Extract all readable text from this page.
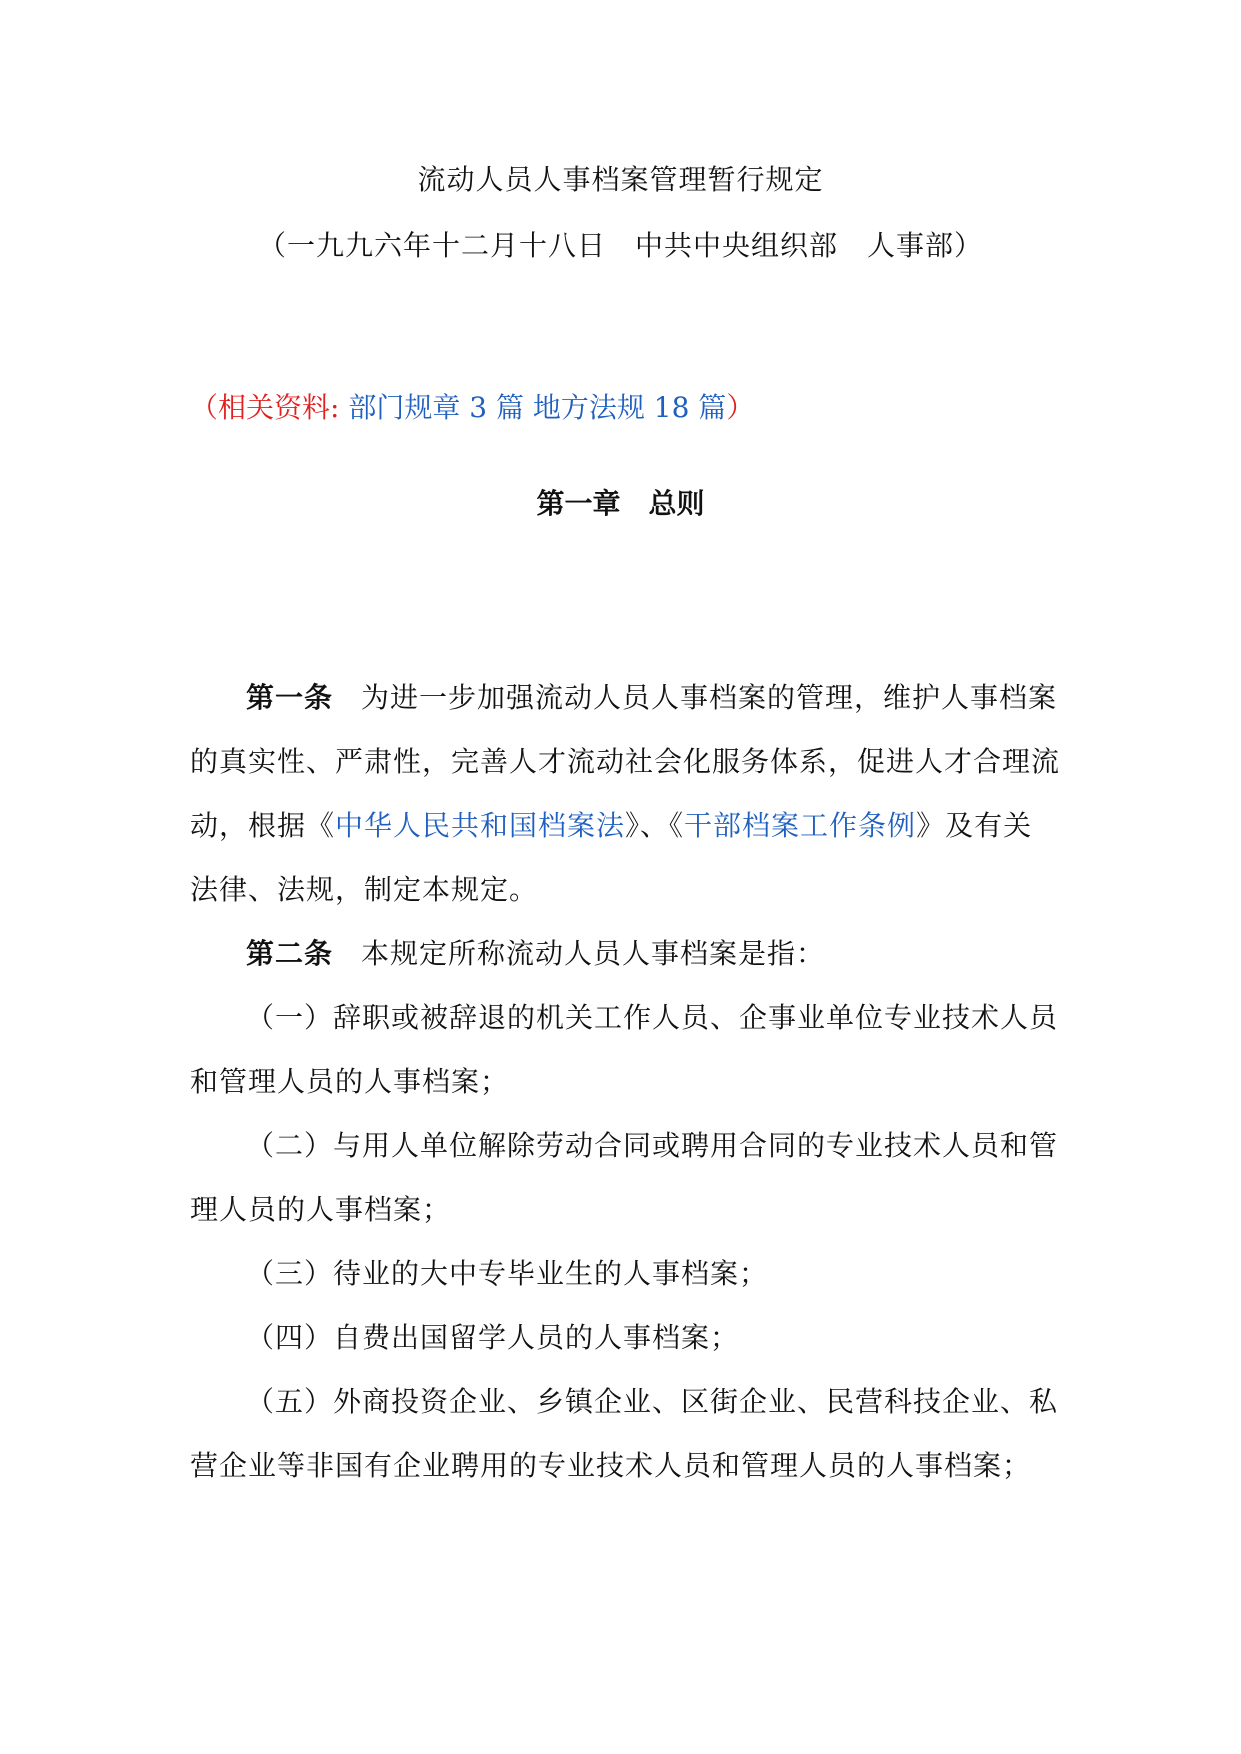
流动人员人事档案管理暂行规定
（一九九六年十二月十八日　中共中央组织部　人事部）
（相关资料: 部门规章 3 篇 地方法规 18 篇）
第一章　总则

第一条 为进一步加强流动人员人事档案的管理，维护人事档案的真实性、严肃性，完善人才流动社会化服务体系，促进人才合理流动，根据《中华人民共和国档案法》、《干部档案工作条例》及有关法律、法规，制定本规定。

第二条 本规定所称流动人员人事档案是指：

（一）辞职或被辞退的机关工作人员、企事业单位专业技术人员和管理人员的人事档案；

（二）与用人单位解除劳动合同或聘用合同的专业技术人员和管理人员的人事档案；

（三）待业的大中专毕业生的人事档案；

（四）自费出国留学人员的人事档案；

（五）外商投资企业、乡镇企业、区街企业、民营科技企业、私营企业等非国有企业聘用的专业技术人员和管理人员的人事档案；
